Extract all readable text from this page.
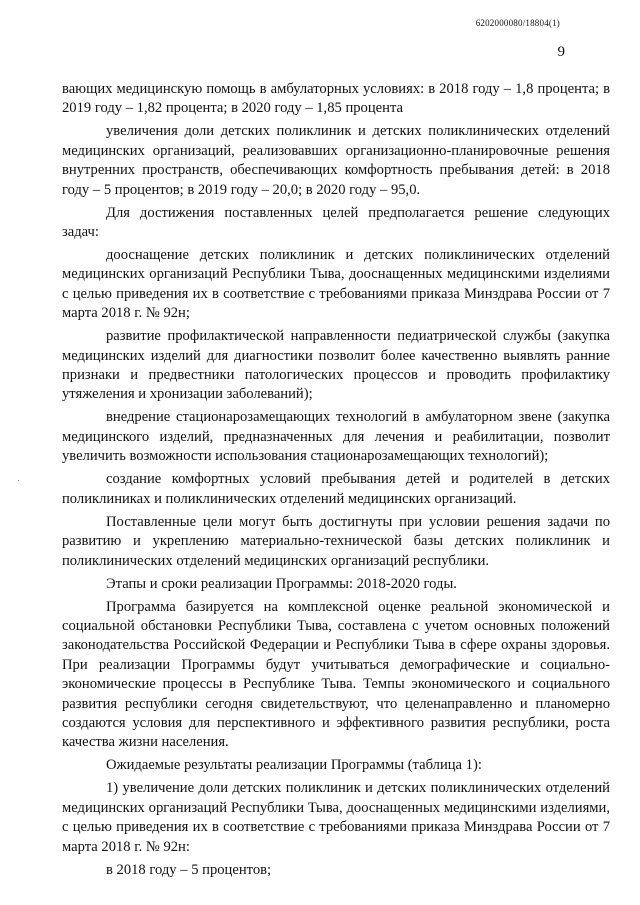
6202000080/18804(1)
9

вающих медицинскую помощь в амбулаторных условиях: в 2018 году – 1,8 процента; в 2019 году – 1,82 процента; в 2020 году – 1,85 процента

увеличения доли детских поликлиник и детских поликлинических отделений медицинских организаций, реализовавших организационно-планировочные решения внутренних пространств, обеспечивающих комфортность пребывания детей: в 2018 году – 5 процентов; в 2019 году – 20,0; в 2020 году – 95,0.

Для достижения поставленных целей предполагается решение следующих задач:

дооснащение детских поликлиник и детских поликлинических отделений медицинских организаций Республики Тыва, дооснащенных медицинскими изделиями с целью приведения их в соответствие с требованиями приказа Минздрава России от 7 марта 2018 г. № 92н;

развитие профилактической направленности педиатрической службы (закупка медицинских изделий для диагностики позволит более качественно выявлять ранние признаки и предвестники патологических процессов и проводить профилактику утяжеления и хронизации заболеваний);

внедрение стационарозамещающих технологий в амбулаторном звене (закупка медицинского изделий, предназначенных для лечения и реабилитации, позволит увеличить возможности использования стационарозамещающих технологий);

создание комфортных условий пребывания детей и родителей в детских поликлиниках и поликлинических отделений медицинских организаций.

Поставленные цели могут быть достигнуты при условии решения задачи по развитию и укреплению материально-технической базы детских поликлиник и поликлинических отделений медицинских организаций республики.

Этапы и сроки реализации Программы: 2018-2020 годы.

Программа базируется на комплексной оценке реальной экономической и социальной обстановки Республики Тыва, составлена с учетом основных положений законодательства Российской Федерации и Республики Тыва в сфере охраны здоровья. При реализации Программы будут учитываться демографические и социально-экономические процессы в Республике Тыва. Темпы экономического и социального развития республики сегодня свидетельствуют, что целенаправленно и планомерно создаются условия для перспективного и эффективного развития республики, роста качества жизни населения.

Ожидаемые результаты реализации Программы (таблица 1):

1) увеличение доли детских поликлиник и детских поликлинических отделений медицинских организаций Республики Тыва, дооснащенных медицинскими изделиями, с целью приведения их в соответствие с требованиями приказа Минздрава России от 7 марта 2018 г. № 92н:

в 2018 году – 5 процентов;
